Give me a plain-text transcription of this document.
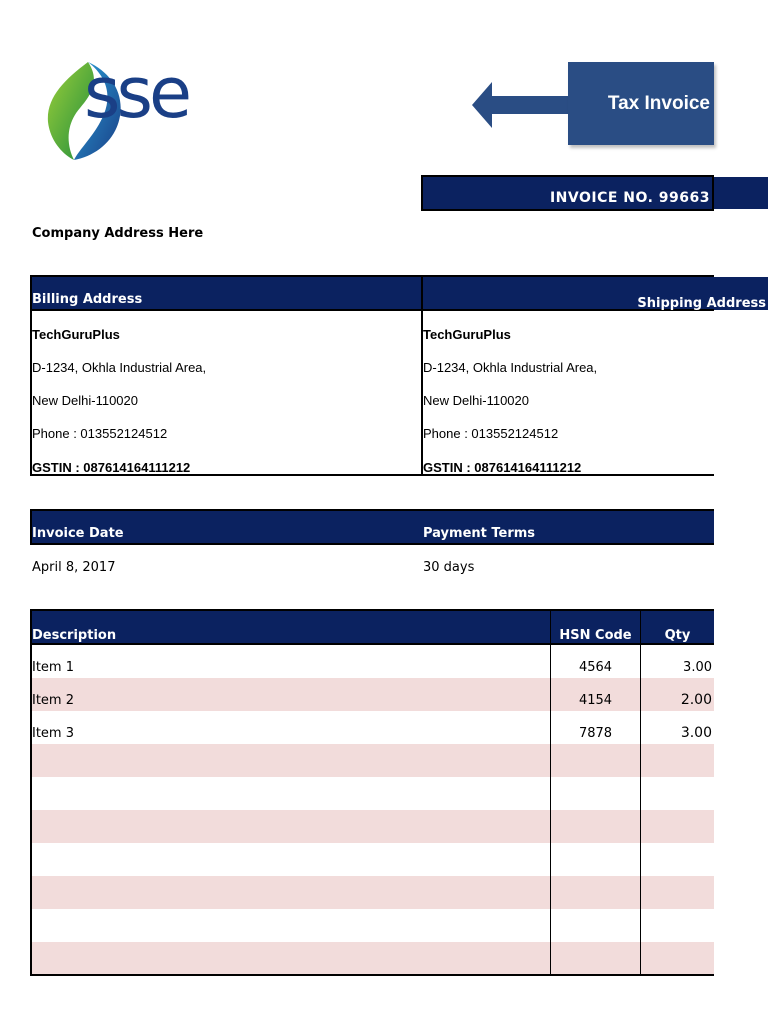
sse	Tax Invoice
INVOICE NO. 99663
Company Address Here
Billing Address	Shipping Address
TechGuruPlus
D-1234, Okhla Industrial Area,
New Delhi-110020
Phone : 013552124512
GSTIN : 087614164111212
TechGuruPlus
D-1234, Okhla Industrial Area,
New Delhi-110020
Phone : 013552124512
GSTIN : 087614164111212
Invoice Date	Payment Terms
April 8, 2017	30 days
Description	HSN Code	Qty
Item 1	4564	3.00
Item 2	4154	2.00
Item 3	7878	3.00
